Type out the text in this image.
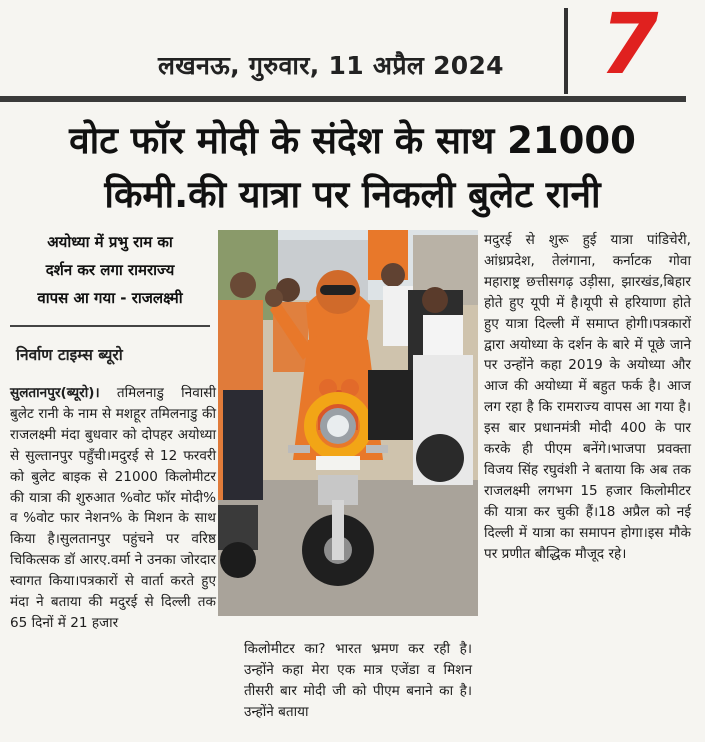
लखनऊ, गुरुवार, 11 अप्रैल 2024 7
वोट फॉर मोदी के संदेश के साथ 21000
किमी.की यात्रा पर निकली बुलेट रानी
अयोध्या में प्रभु राम का
दर्शन कर लगा रामराज्य
वापस आ गया - राजलक्ष्मी
निर्वाण टाइम्स ब्यूरो
सुलतानपुर(ब्यूरो)। तमिलनाडु निवासी बुलेट रानी के नाम से मशहूर तमिलनाडु की राजलक्ष्मी मंदा बुधवार को दोपहर अयोध्या से सुल्तानपुर पहुँची।मदुरई से 12 फरवरी को बुलेट बाइक से 21000 किलोमीटर की यात्रा की शुरुआत %वोट फॉर मोदी% व %वोट फार नेशन% के मिशन के साथ किया है।सुलतानपुर पहुंचने पर वरिष्ठ चिकित्सक डॉ आरए.वर्मा ने उनका जोरदार स्वागत किया।पत्रकारों से वार्ता करते हुए मंदा ने बताया की मदुरई से दिल्ली तक 65 दिनों में 21 हजार
किलोमीटर का? भारत भ्रमण कर रही है। उन्होंने कहा मेरा एक मात्र एजेंडा व मिशन तीसरी बार मोदी जी को पीएम बनाने का है।उन्होंने बताया
मदुरई से शुरू हुई यात्रा पांडिचेरी, आंध्रप्रदेश, तेलंगाना, कर्नाटक गोवा महाराष्ट्र छत्तीसगढ़ उड़ीसा, झारखंड,बिहार होते हुए यूपी में है।यूपी से हरियाणा होते हुए यात्रा दिल्ली में समाप्त होगी।पत्रकारों द्वारा अयोध्या के दर्शन के बारे में पूछे जाने पर उन्होंने कहा 2019 के अयोध्या और आज की अयोध्या में बहुत फर्क है। आज लग रहा है कि रामराज्य वापस आ गया है। इस बार प्रधानमंत्री मोदी 400 के पार करके ही पीएम बनेंगे।भाजपा प्रवक्ता विजय सिंह रघुवंशी ने बताया कि अब तक राजलक्ष्मी लगभग 15 हजार किलोमीटर की यात्रा कर चुकी हैं।18 अप्रैल को नई दिल्ली में यात्रा का समापन होगा।इस मौके पर प्रणीत बौद्धिक मौजूद रहे।
